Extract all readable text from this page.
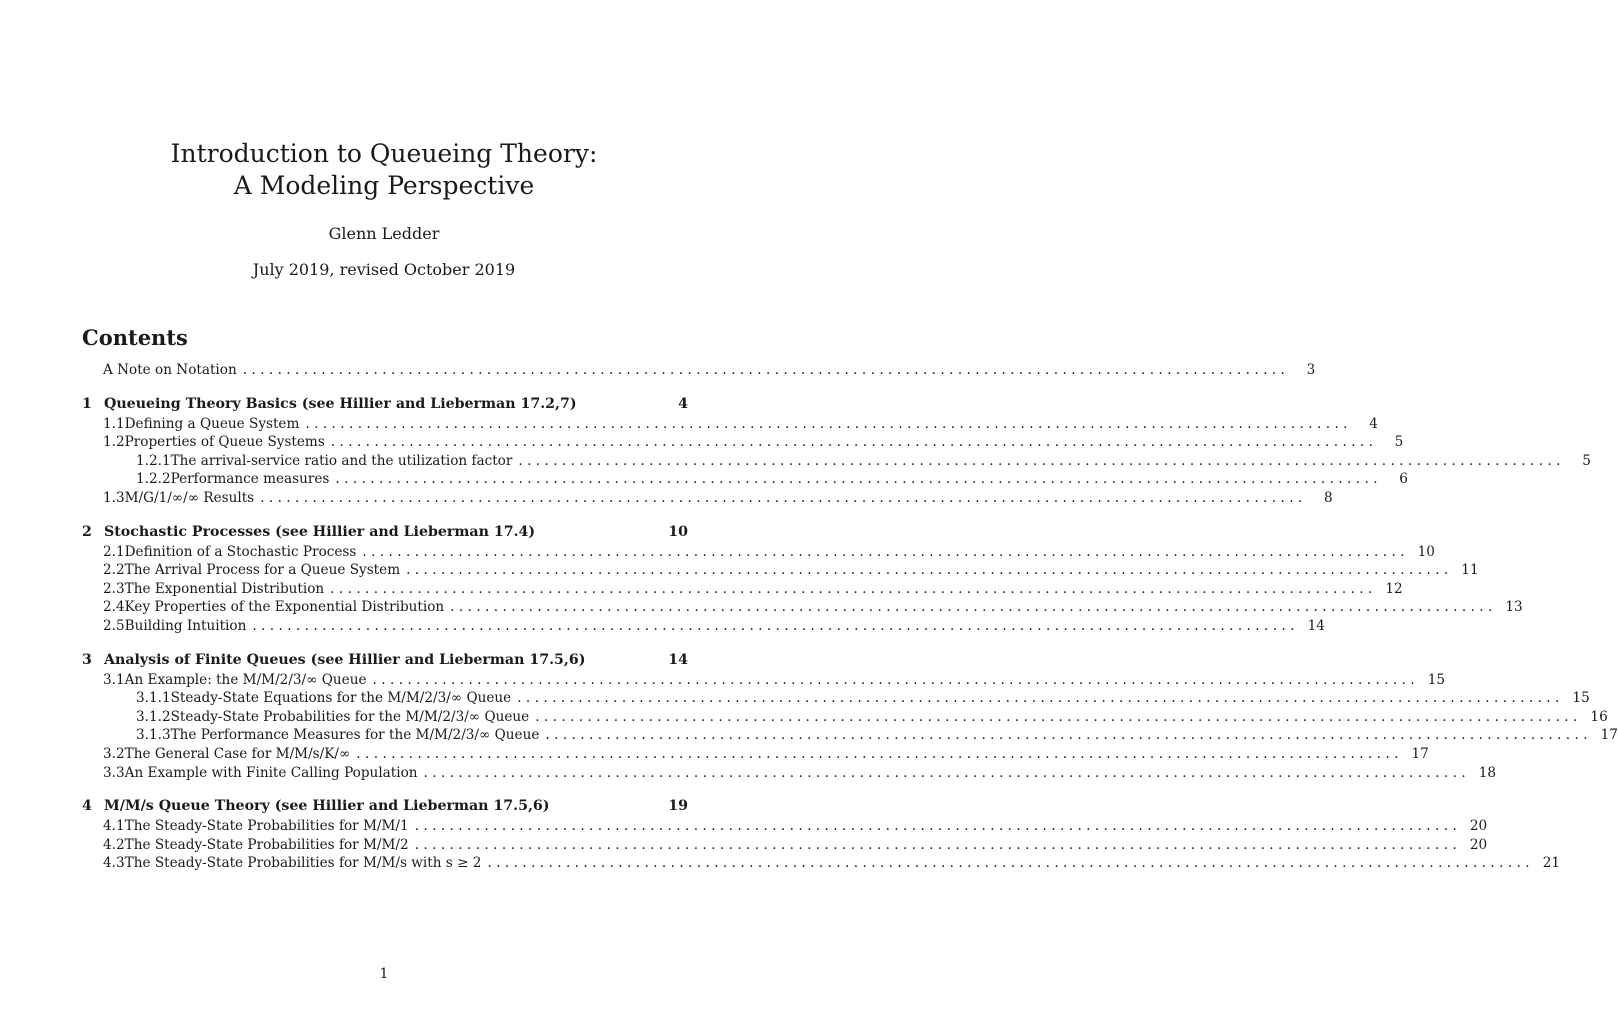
Introduction to Queueing Theory:
A Modeling Perspective
Glenn Ledder
July 2019, revised October 2019
Contents
A Note on Notation ........................................................................................................................	3
1 Queueing Theory Basics (see Hillier and Lieberman 17.2,7)	4
1.1 Defining a Queue System ........................................................................................................................	4
1.2 Properties of Queue Systems ........................................................................................................................	5
1.2.1 The arrival-service ratio and the utilization factor ........................................................................................................................	5
1.2.2 Performance measures ........................................................................................................................	6
1.3 M/G/1/∞/∞ Results ........................................................................................................................	8
2 Stochastic Processes (see Hillier and Lieberman 17.4)	10
2.1 Definition of a Stochastic Process ........................................................................................................................ 10
2.2 The Arrival Process for a Queue System ........................................................................................................................ 11
2.3 The Exponential Distribution ........................................................................................................................ 12
2.4 Key Properties of the Exponential Distribution ........................................................................................................................ 13
2.5 Building Intuition ........................................................................................................................ 14
3 Analysis of Finite Queues (see Hillier and Lieberman 17.5,6)	14
3.1 An Example: the M/M/2/3/∞ Queue ........................................................................................................................ 15
3.1.1 Steady-State Equations for the M/M/2/3/∞ Queue ........................................................................................................................ 15
3.1.2 Steady-State Probabilities for the M/M/2/3/∞ Queue ........................................................................................................................ 16
3.1.3 The Performance Measures for the M/M/2/3/∞ Queue ........................................................................................................................ 17
3.2 The General Case for M/M/s/K/∞ ........................................................................................................................ 17
3.3 An Example with Finite Calling Population ........................................................................................................................ 18
4 M/M/s Queue Theory (see Hillier and Lieberman 17.5,6)	19
4.1 The Steady-State Probabilities for M/M/1 ........................................................................................................................ 20
4.2 The Steady-State Probabilities for M/M/2 ........................................................................................................................ 20
4.3 The Steady-State Probabilities for M/M/s with s ≥ 2 ........................................................................................................................ 21
1
